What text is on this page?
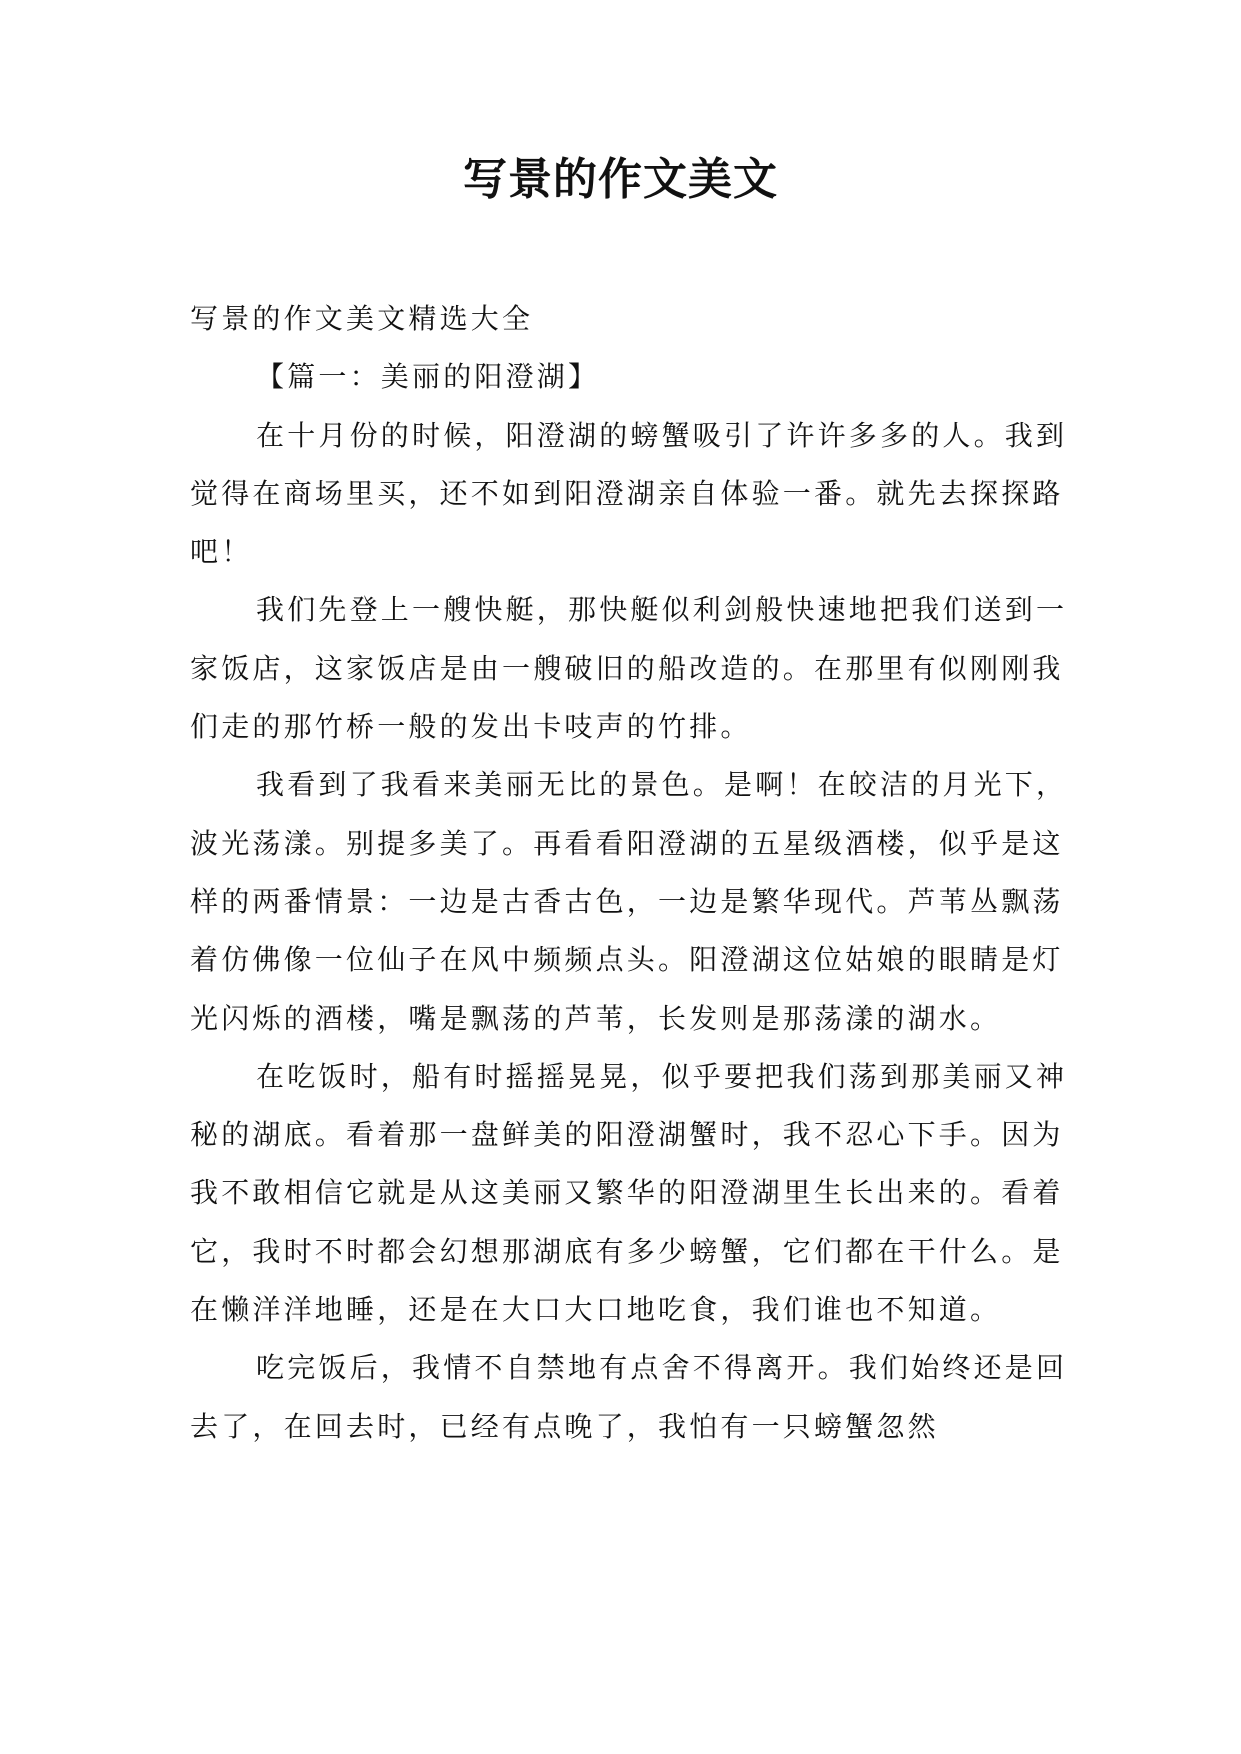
写景的作文美文

写景的作文美文精选大全

【篇一：美丽的阳澄湖】

在十月份的时候，阳澄湖的螃蟹吸引了许许多多的人。我到觉得在商场里买，还不如到阳澄湖亲自体验一番。就先去探探路吧！

我们先登上一艘快艇，那快艇似利剑般快速地把我们送到一家饭店，这家饭店是由一艘破旧的船改造的。在那里有似刚刚我们走的那竹桥一般的发出卡吱声的竹排。

我看到了我看来美丽无比的景色。是啊！在皎洁的月光下，波光荡漾。别提多美了。再看看阳澄湖的五星级酒楼，似乎是这样的两番情景：一边是古香古色，一边是繁华现代。芦苇丛飘荡着仿佛像一位仙子在风中频频点头。阳澄湖这位姑娘的眼睛是灯光闪烁的酒楼，嘴是飘荡的芦苇，长发则是那荡漾的湖水。

在吃饭时，船有时摇摇晃晃，似乎要把我们荡到那美丽又神秘的湖底。看着那一盘鲜美的阳澄湖蟹时，我不忍心下手。因为我不敢相信它就是从这美丽又繁华的阳澄湖里生长出来的。看着它，我时不时都会幻想那湖底有多少螃蟹，它们都在干什么。是在懒洋洋地睡，还是在大口大口地吃食，我们谁也不知道。

吃完饭后，我情不自禁地有点舍不得离开。我们始终还是回去了，在回去时，已经有点晚了，我怕有一只螃蟹忽然
